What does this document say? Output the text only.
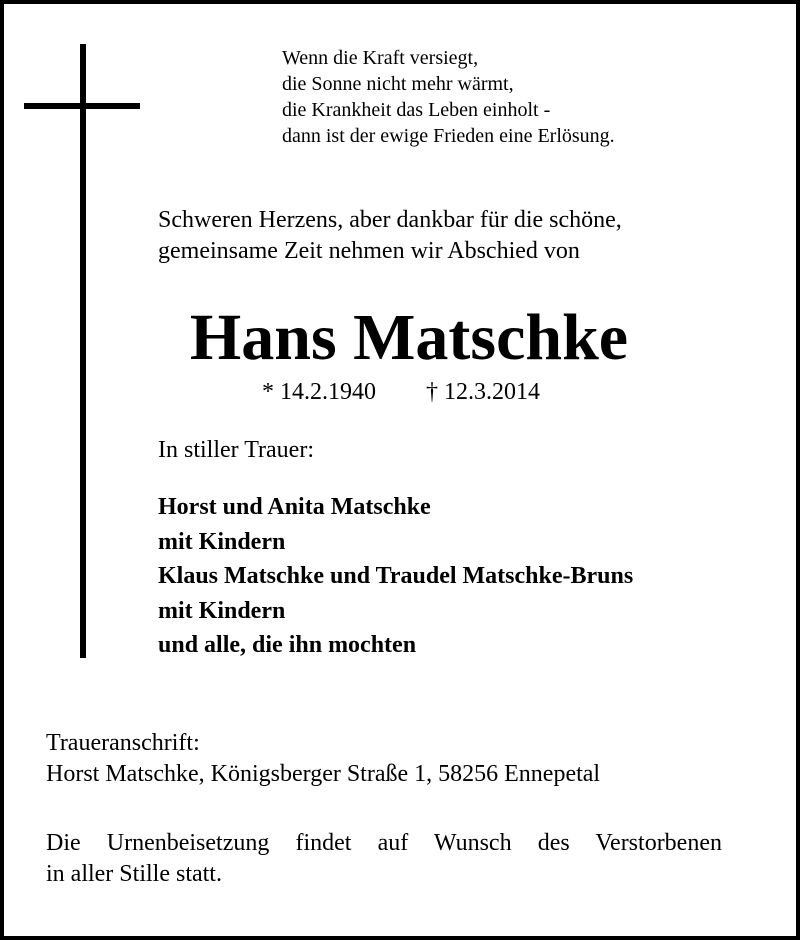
Wenn die Kraft versiegt,
die Sonne nicht mehr wärmt,
die Krankheit das Leben einholt -
dann ist der ewige Frieden eine Erlösung.
Schweren Herzens, aber dankbar für die schöne,
gemeinsame Zeit nehmen wir Abschied von
Hans Matschke
* 14.2.1940 † 12.3.2014
In stiller Trauer:
Horst und Anita Matschke
mit Kindern
Klaus Matschke und Traudel Matschke-Bruns
mit Kindern
und alle, die ihn mochten
Traueranschrift:
Horst Matschke, Königsberger Straße 1, 58256 Ennepetal
Die Urnenbeisetzung findet auf Wunsch des Verstorbenen
in aller Stille statt.
